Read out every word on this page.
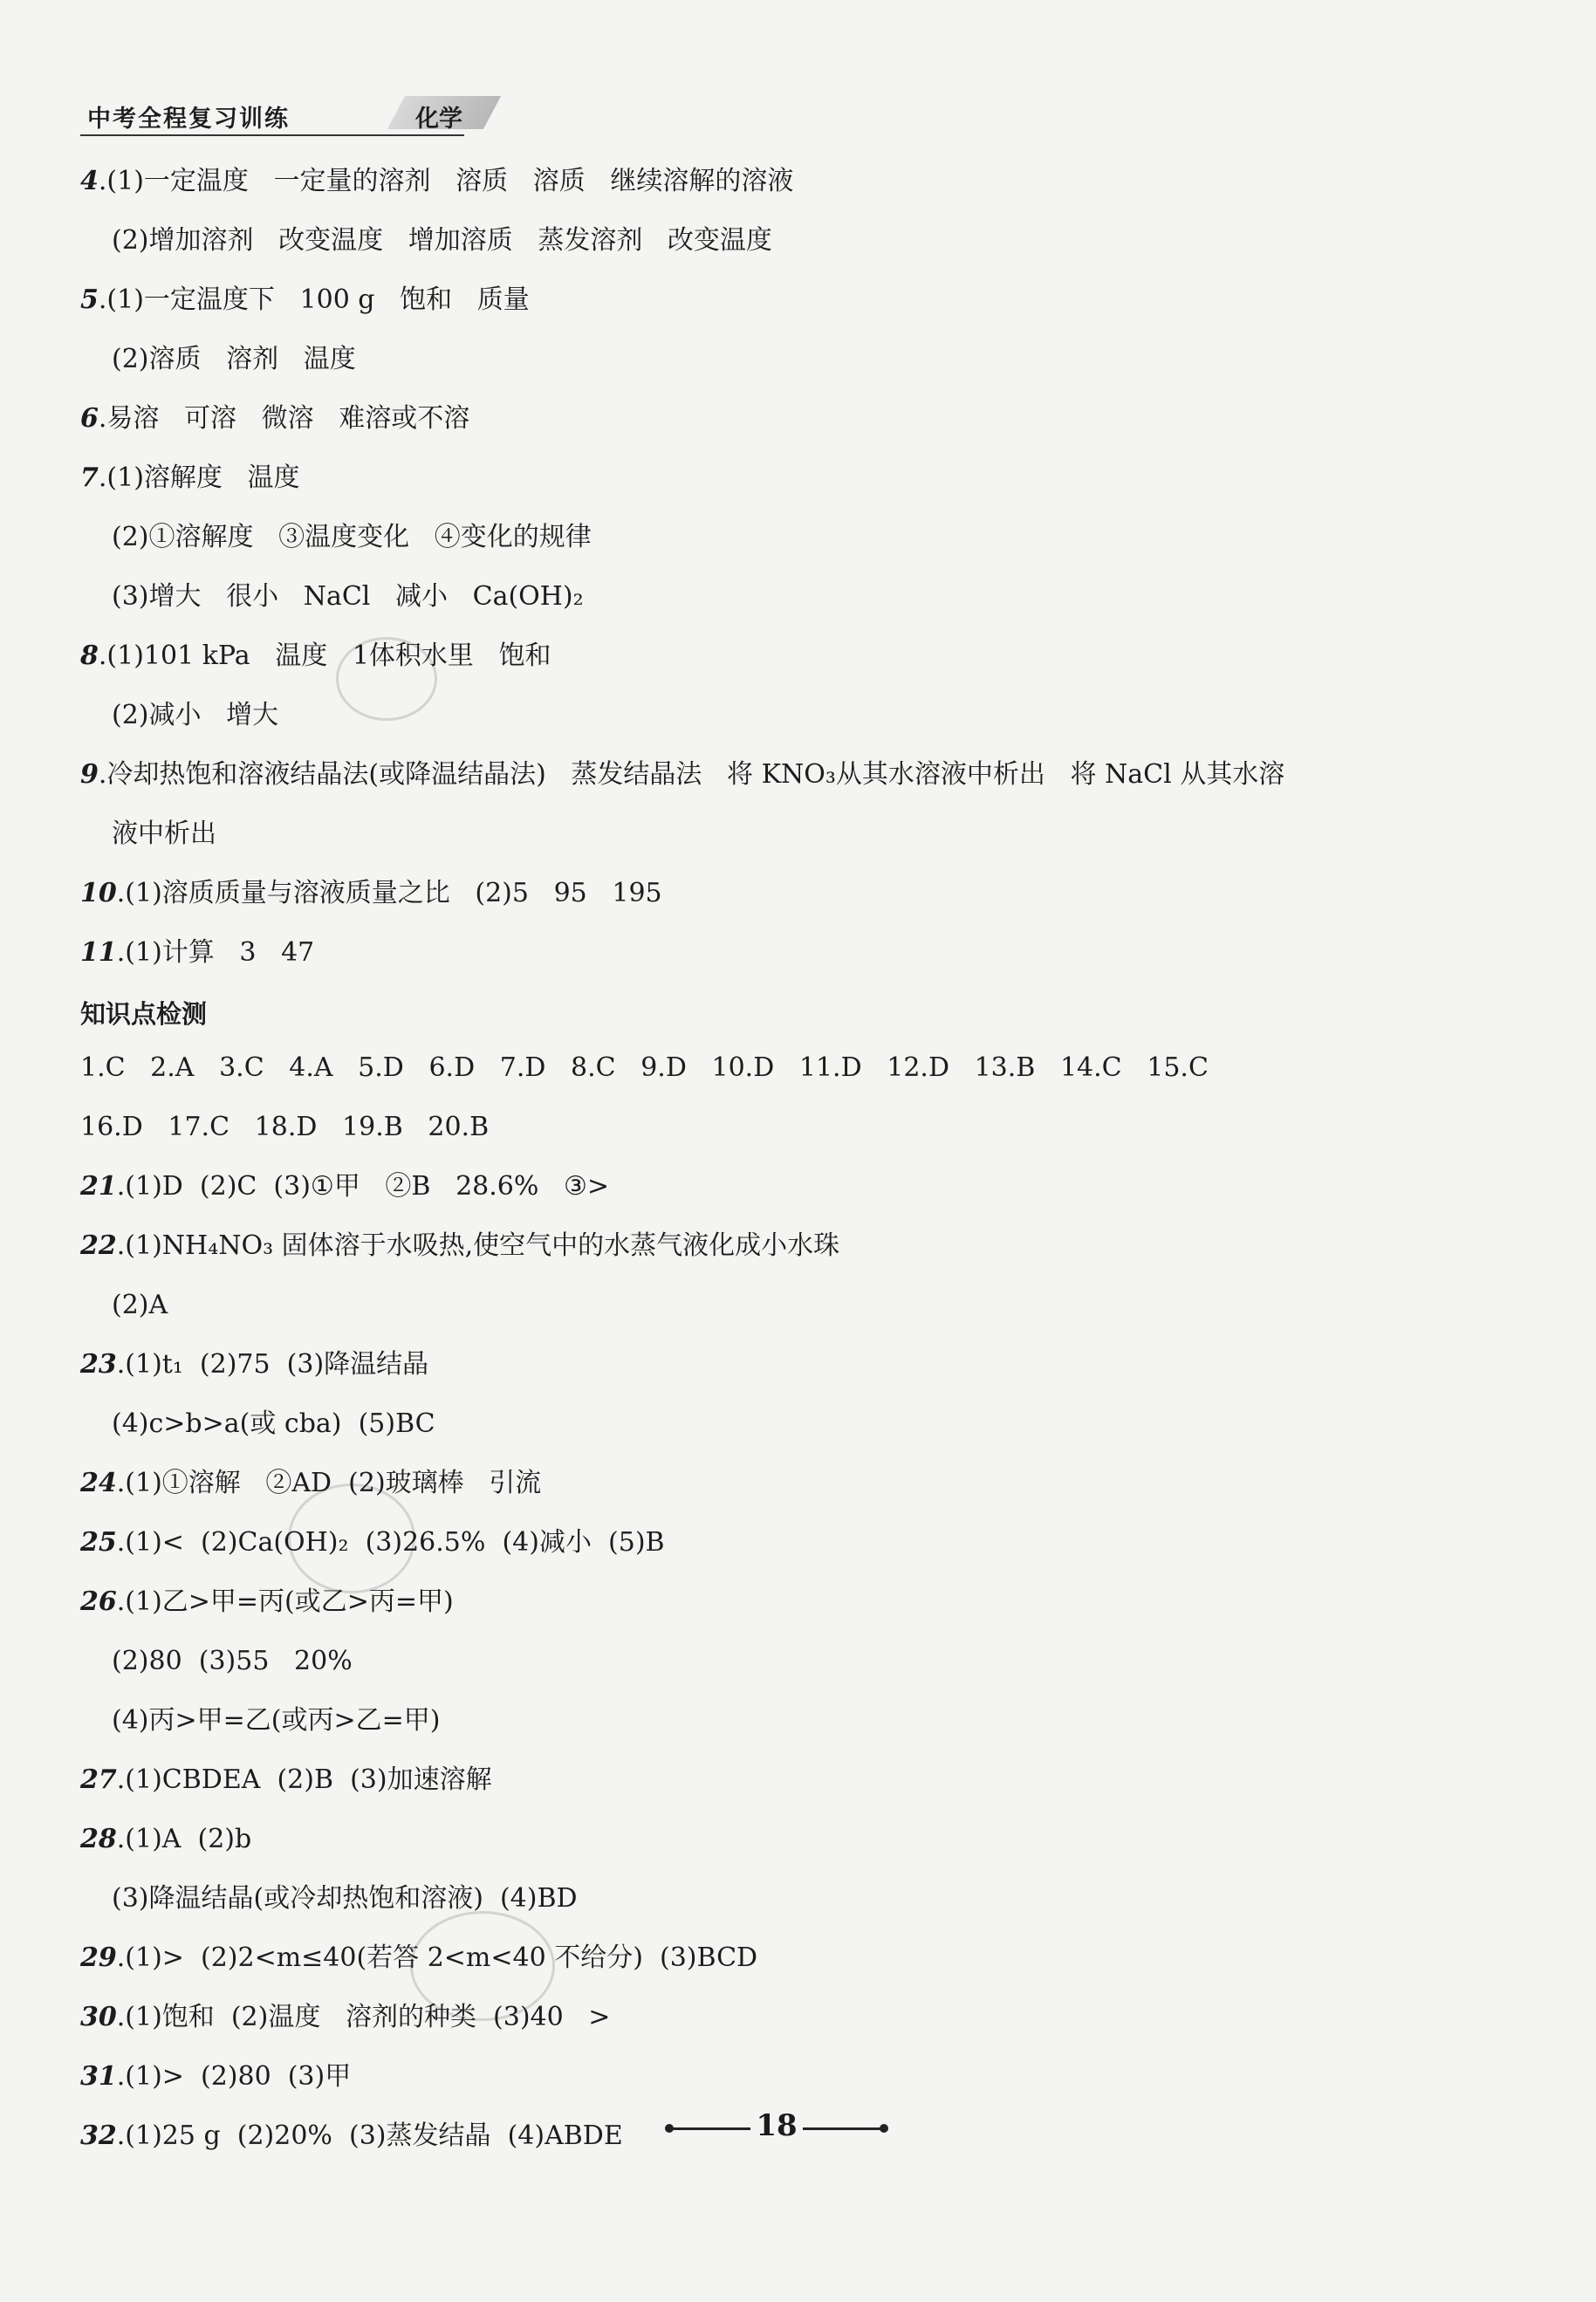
中考全程复习训练	化学
4.(1)一定温度   一定量的溶剂   溶质   溶质   继续溶解的溶液
(2)增加溶剂   改变温度   增加溶质   蒸发溶剂   改变温度
5.(1)一定温度下   100 g   饱和   质量
(2)溶质   溶剂   温度
6.易溶   可溶   微溶   难溶或不溶
7.(1)溶解度   温度
(2)①溶解度   ③温度变化   ④变化的规律
(3)增大   很小   NaCl   减小   Ca(OH)₂
8.(1)101 kPa   温度   1体积水里   饱和
(2)减小   增大
9.冷却热饱和溶液结晶法(或降温结晶法)   蒸发结晶法   将 KNO₃从其水溶液中析出   将 NaCl 从其水溶
液中析出
10.(1)溶质质量与溶液质量之比   (2)5   95   195
11.(1)计算   3   47
知识点检测
1.C   2.A   3.C   4.A   5.D   6.D   7.D   8.C   9.D   10.D   11.D   12.D   13.B   14.C   15.C
16.D   17.C   18.D   19.B   20.B
21.(1)D  (2)C  (3)①甲   ②B   28.6%   ③>
22.(1)NH₄NO₃ 固体溶于水吸热,使空气中的水蒸气液化成小水珠
(2)A
23.(1)t₁  (2)75  (3)降温结晶
(4)c>b>a(或 cba)  (5)BC
24.(1)①溶解   ②AD  (2)玻璃棒   引流
25.(1)<  (2)Ca(OH)₂  (3)26.5%  (4)减小  (5)B
26.(1)乙>甲=丙(或乙>丙=甲)
(2)80  (3)55   20%
(4)丙>甲=乙(或丙>乙=甲)
27.(1)CBDEA  (2)B  (3)加速溶解
28.(1)A  (2)b
(3)降温结晶(或冷却热饱和溶液)  (4)BD
29.(1)>  (2)2<m≤40(若答 2<m<40 不给分)  (3)BCD
30.(1)饱和  (2)温度   溶剂的种类  (3)40   >
31.(1)>  (2)80  (3)甲
32.(1)25 g  (2)20%  (3)蒸发结晶  (4)ABDE	18
